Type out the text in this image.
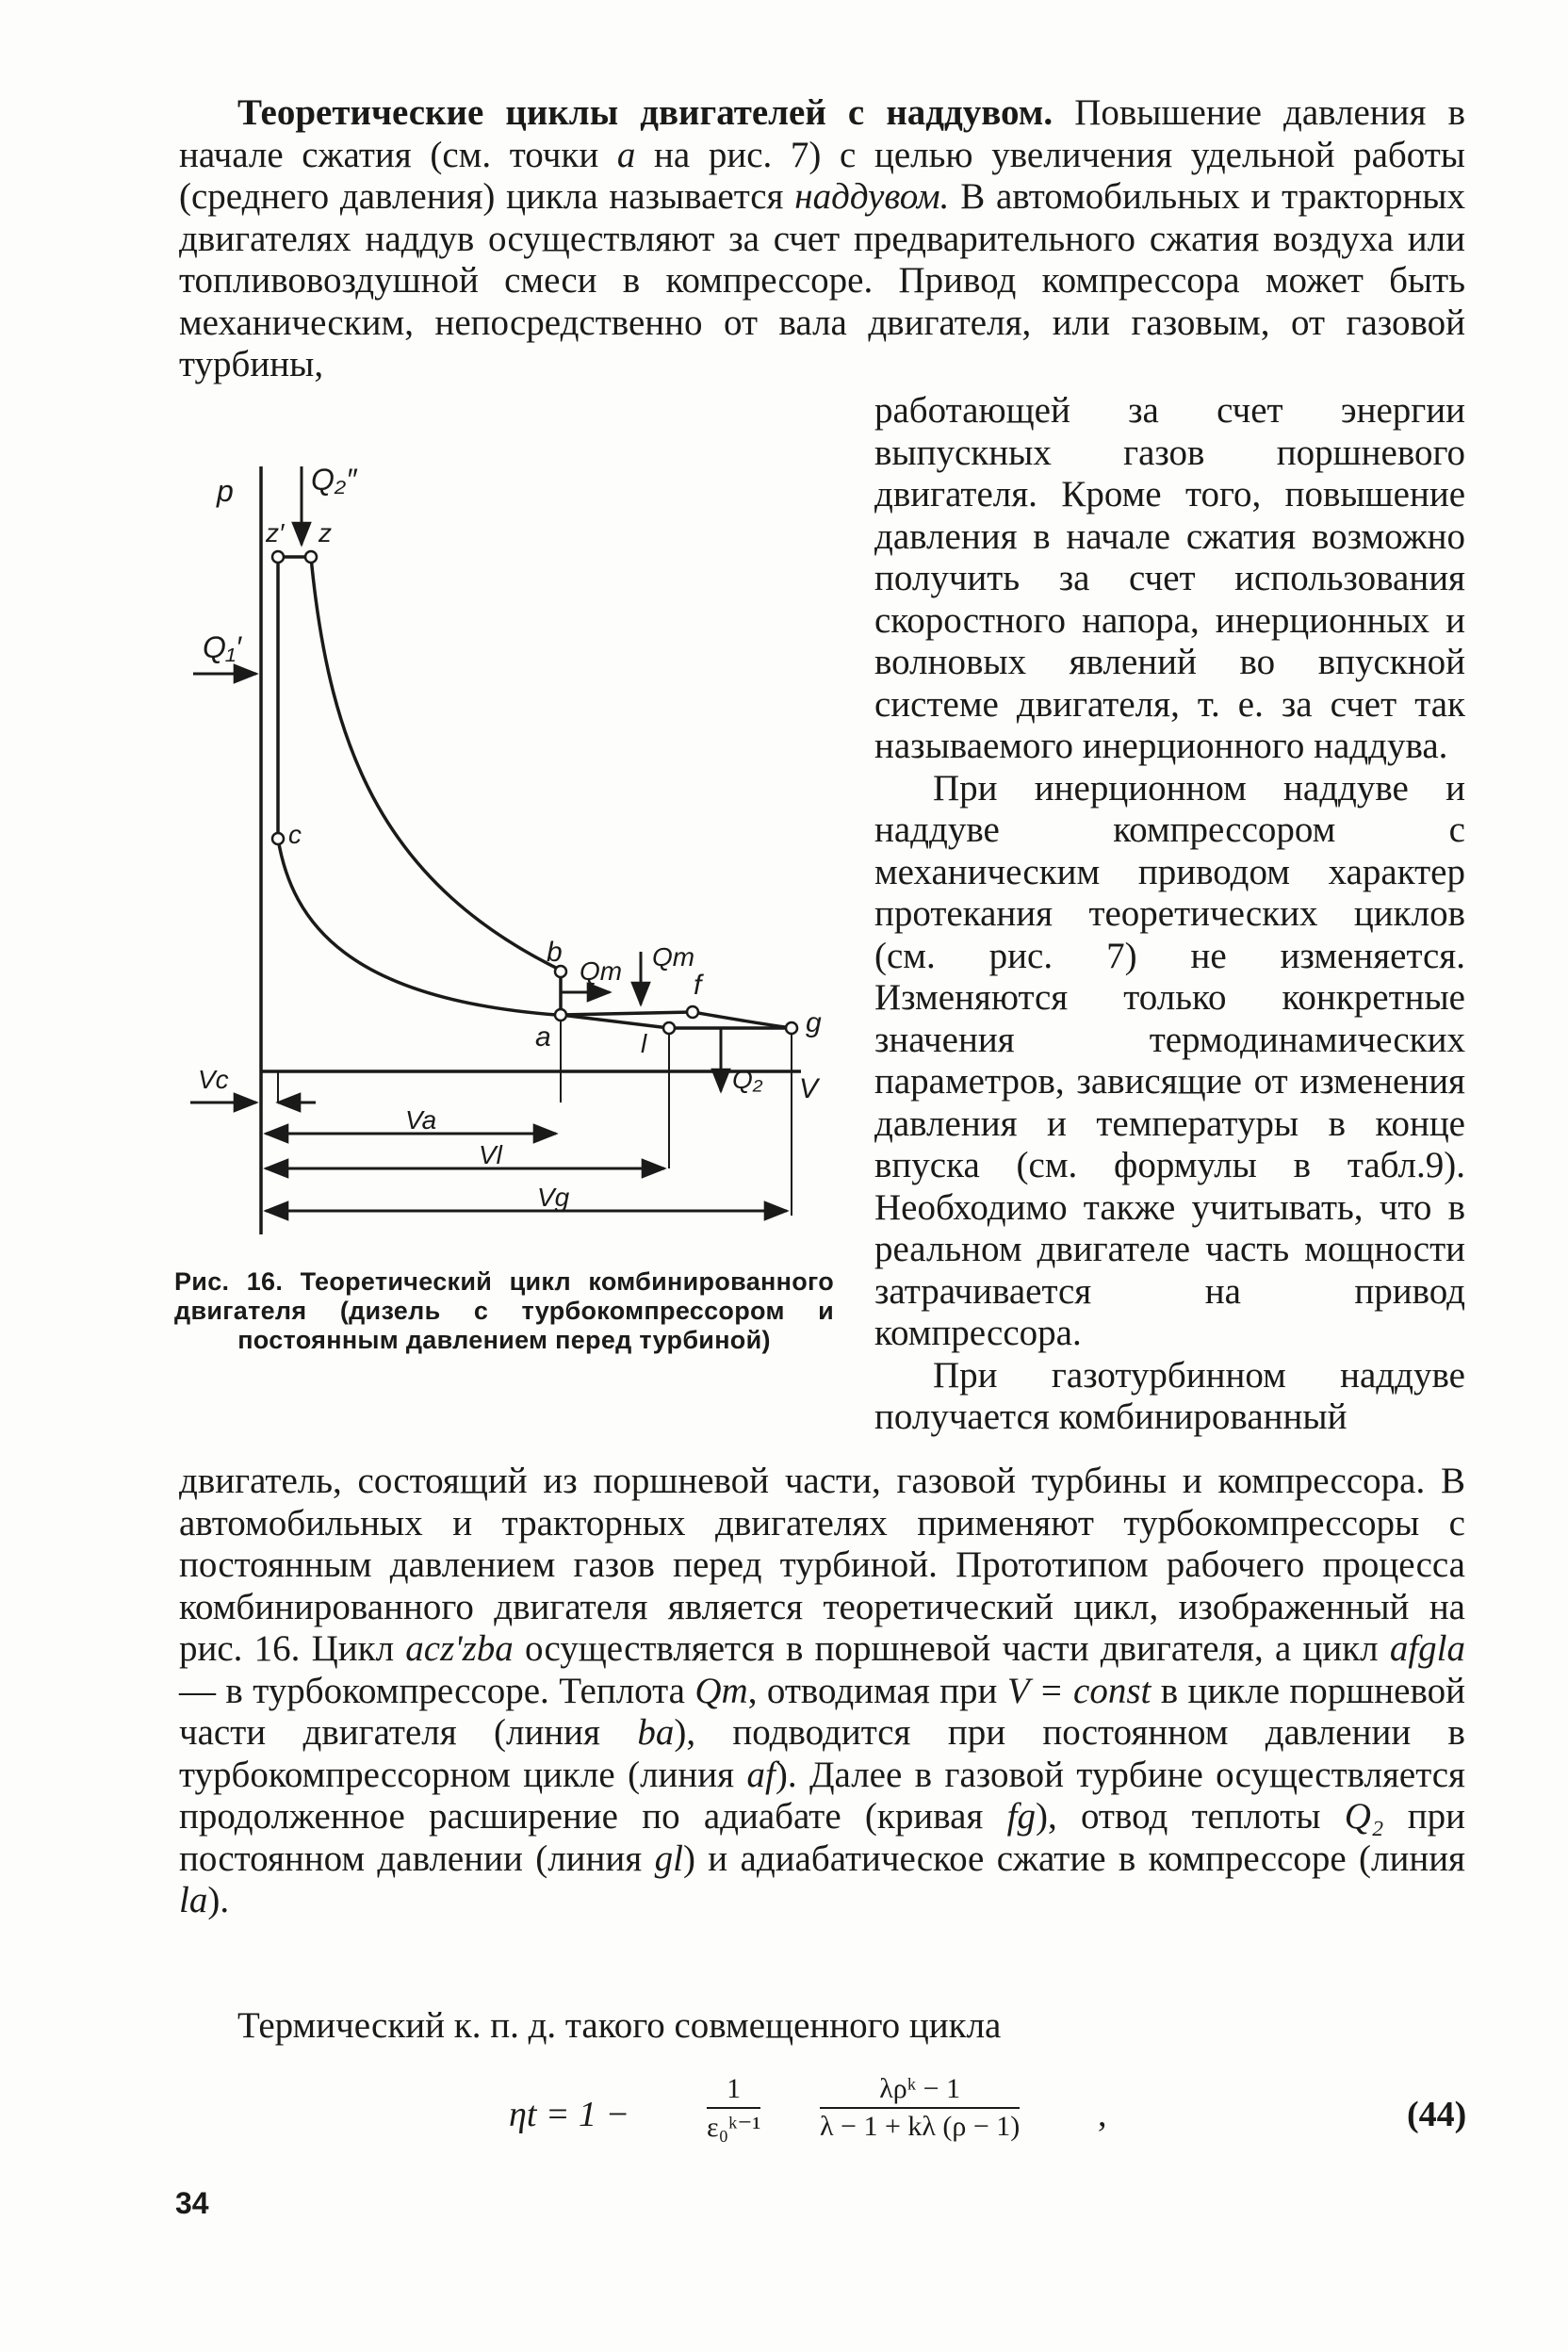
Теоретические циклы двигателей с наддувом. Повышение давления в начале сжатия (см. точки a на рис. 7) с целью увеличения удельной работы (среднего давления) цикла называется наддувом. В автомобильных и тракторных двигателях наддув осуществляют за счет предварительного сжатия воздуха или топливовоздушной смеси в компрессоре. Привод компрессора может быть механическим, непосредственно от вала двигателя, или газовым, от газовой турбины,

работающей за счет энергии выпускных газов поршневого двигателя. Кроме того, повышение давления в начале сжатия возможно получить за счет использования скоростного напора, инерционных и волновых явлений во впускной системе двигателя, т. е. за счет так называемого инерционного наддува.

При инерционном наддуве и наддуве компрессором с механическим приводом характер протекания теоретических циклов (см. рис. 7) не изменяется. Изменяются только конкретные значения термодинамических параметров, зависящие от изменения давления и температуры в конце впуска (см. формулы в табл.9). Необходимо также учитывать, что в реальном двигателе часть мощности затрачивается на привод компрессора.

При газотурбинном наддуве получается комбинированный

p	Q₂″
z′ z
Q₁′
c
b
Qт Qт
f
g
a	l
Q₂ V
Vc
Va
Vl
Vg
Рис. 16. Теоретический цикл комбинированного двигателя (дизель с турбокомпрессором и постоянным давлением перед турбиной)

двигатель, состоящий из поршневой части, газовой турбины и компрессора. В автомобильных и тракторных двигателях применяют турбокомпрессоры с постоянным давлением газов перед турбиной. Прототипом рабочего процесса комбинированного двигателя является теоретический цикл, изображенный на рис. 16. Цикл acz'zba осуществляется в поршневой части двигателя, а цикл afgla — в турбокомпрессоре. Теплота Qт, отводимая при V = const в цикле поршневой части двигателя (линия ba), подводится при постоянном давлении в турбокомпрессорном цикле (линия af). Далее в газовой турбине осуществляется продолженное расширение по адиабате (кривая fg), отвод теплоты Q₂ при постоянном давлении (линия gl) и адиабатическое сжатие в компрессоре (линия la).

Термический к. п. д. такого совмещенного цикла

ηt = 1 −	$\frac{1}{\text{ε₀ᵏ⁻¹}}$	λρᵏ − 1
λ − 1 + kλ (ρ − 1) ,	(44)
34
